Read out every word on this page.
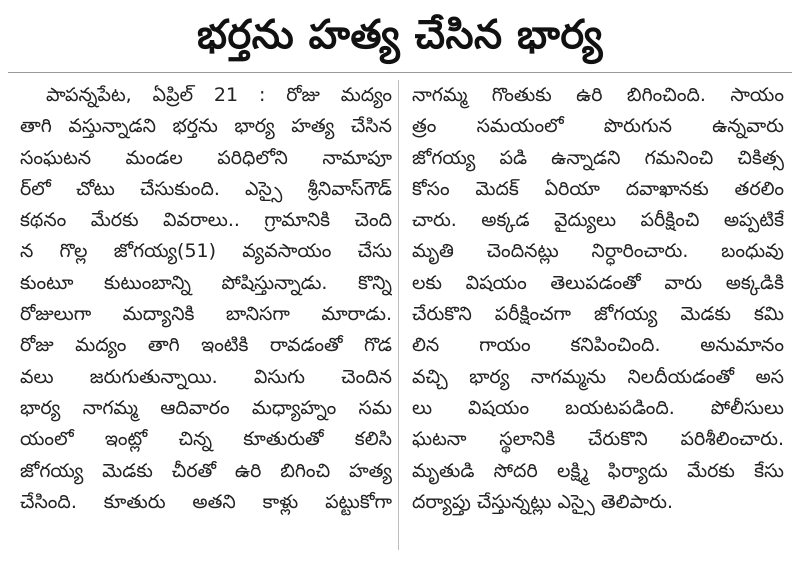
భర్తను హత్య చేసిన భార్య
పాపన్నపేట, ఏప్రిల్ 21 : రోజు మద్యం
తాగి వస్తున్నాడని భర్తను భార్య హత్య చేసిన
సంఘటన మండల పరిధిలోని నామాపూ
ర్‌లో చోటు చేసుకుంది. ఎస్సై శ్రీనివాస్‌గౌడ్
కథనం మేరకు వివరాలు.. గ్రామానికి చెంది
న గొల్ల జోగయ్య(51) వ్యవసాయం చేసు
కుంటూ కుటుంబాన్ని పోషిస్తున్నాడు. కొన్ని
రోజులుగా మద్యానికి బానిసగా మారాడు.
రోజు మద్యం తాగి ఇంటికి రావడంతో గొడ
వలు జరుగుతున్నాయి. విసుగు చెందిన
భార్య నాగమ్మ ఆదివారం మధ్యాహ్నం సమ
యంలో ఇంట్లో చిన్న కూతురుతో కలిసి
జోగయ్య మెడకు చీరతో ఉరి బిగించి హత్య
చేసింది. కూతురు అతని కాళ్లు పట్టుకోగా
నాగమ్మ గొంతుకు ఉరి బిగించింది. సాయం
త్రం సమయంలో పొరుగున ఉన్నవారు
జోగయ్య పడి ఉన్నాడని గమనించి చికిత్స
కోసం మెదక్ ఏరియా దవాఖానకు తరలిం
చారు. అక్కడ వైద్యులు పరీక్షించి అప్పటికే
మృతి చెందినట్లు నిర్ధారించారు. బంధువు
లకు విషయం తెలుపడంతో వారు అక్కడికి
చేరుకొని పరీక్షించగా జోగయ్య మెడకు కమి
లిన గాయం కనిపించింది. అనుమానం
వచ్చి భార్య నాగమ్మను నిలదీయడంతో అస
లు విషయం బయటపడింది. పోలీసులు
ఘటనా స్థలానికి చేరుకొని పరిశీలించారు.
మృతుడి సోదరి లక్ష్మి ఫిర్యాదు మేరకు కేసు
దర్యాప్తు చేస్తున్నట్లు ఎస్సై తెలిపారు.
